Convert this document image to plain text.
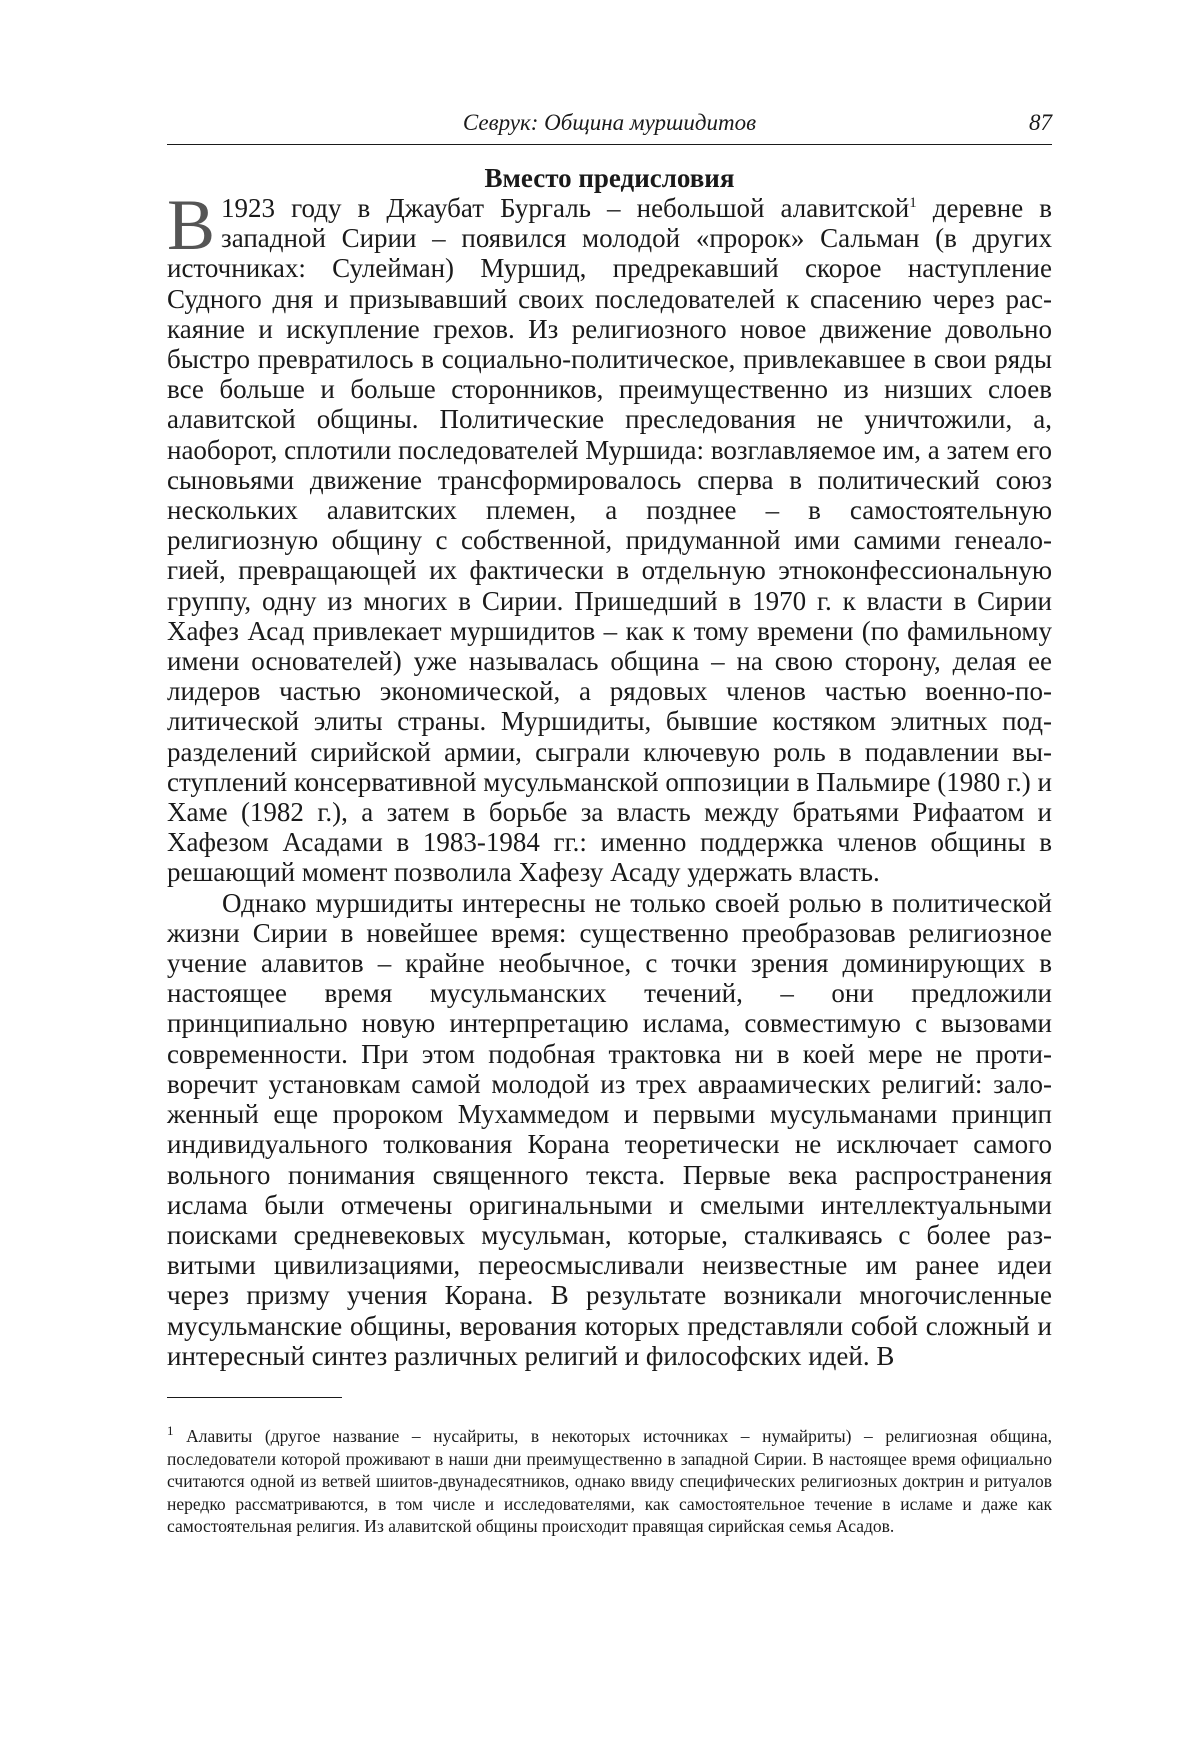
Севрук: Община муршидитов	87
Вместо предисловия

В 1923 году в Джаубат Бургаль – небольшой алавитской$^1$ деревне в западной Сирии – появился молодой «пророк» Сальман (в других источниках: Сулейман) Муршид, предрекавший скорое наступление Судного дня и призывавший своих последователей к спасению через раскаяние и искупление грехов. Из религиозного новое движение довольно быстро превратилось в социально-политическое, привлекавшее в свои ряды все больше и больше сторонников, преимущественно из низших слоев алавитской общины. Политические преследования не уничтожили, а, наоборот, сплотили последователей Муршида: возглавляемое им, а затем его сыновьями движение трансформировалось сперва в политический союз нескольких алавитских племен, а позднее – в самостоятельную религиозную общину с собственной, придуманной ими самими генеалогией, превращающей их фактически в отдельную этноконфессиональную группу, одну из многих в Сирии. Пришедший в 1970 г. к власти в Сирии Хафез Асад привлекает муршидитов – как к тому времени (по фамильному имени основателей) уже называлась община – на свою сторону, делая ее лидеров частью экономической, а рядовых членов частью военно-политической элиты страны. Муршидиты, бывшие костяком элитных подразделений сирийской армии, сыграли ключевую роль в подавлении выступлений консервативной мусульманской оппозиции в Пальмире (1980 г.) и Хаме (1982 г.), а затем в борьбе за власть между братьями Рифаатом и Хафезом Асадами в 1983-1984 гг.: именно поддержка членов общины в решающий момент позволила Хафезу Асаду удержать власть.

Однако муршидиты интересны не только своей ролью в политической жизни Сирии в новейшее время: существенно преобразовав религиозное учение алавитов – крайне необычное, с точки зрения доминирующих в настоящее время мусульманских течений, – они предложили принципиально новую интерпретацию ислама, совместимую с вызовами современности. При этом подобная трактовка ни в коей мере не противоречит установкам самой молодой из трех авраамических религий: заложенный еще пророком Мухаммедом и первыми мусульманами принцип индивидуального толкования Корана теоретически не исключает самого вольного понимания священного текста. Первые века распространения ислама были отмечены оригинальными и смелыми интеллектуальными поисками средневековых мусульман, которые, сталкиваясь с более развитыми цивилизациями, переосмысливали неизвестные им ранее идеи через призму учения Корана. В результате возникали многочисленные мусульманские общины, верования которых представляли собой сложный и интересный синтез различных религий и философских идей. В

$^1$ Алавиты (другое название – нусайриты, в некоторых источниках – нумайриты) – религиозная община, последователи которой проживают в наши дни преимущественно в западной Сирии. В настоящее время официально считаются одной из ветвей шиитов-двунадесятников, однако ввиду специфических религиозных доктрин и ритуалов нередко рассматриваются, в том числе и исследователями, как самостоятельное течение в исламе и даже как самостоятельная религия. Из алавитской общины происходит правящая сирийская семья Асадов.
